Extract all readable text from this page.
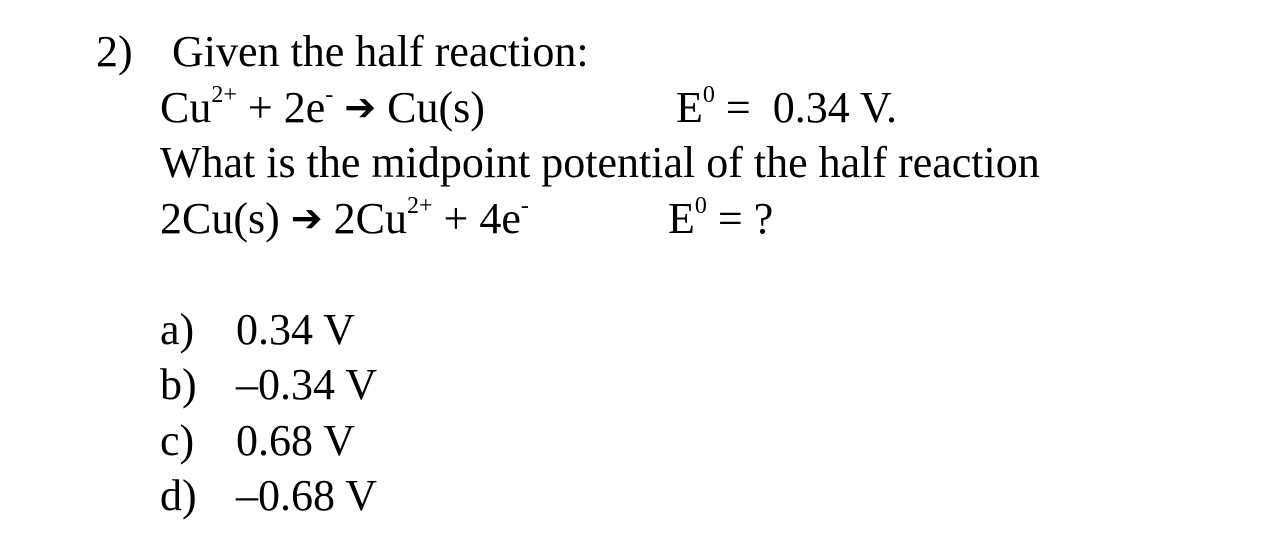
2) Given the half reaction:
$Cu^{2+} + 2e^-$ ➔ Cu(s)	$E^0 = 0.34$ V.
What is the midpoint potential of the half reaction
2Cu(s) ➔ $2Cu^{2+} + 4e^-$	$E^0$ = ?
a) 0.34 V
b) –0.34 V
c) 0.68 V
d) –0.68 V
